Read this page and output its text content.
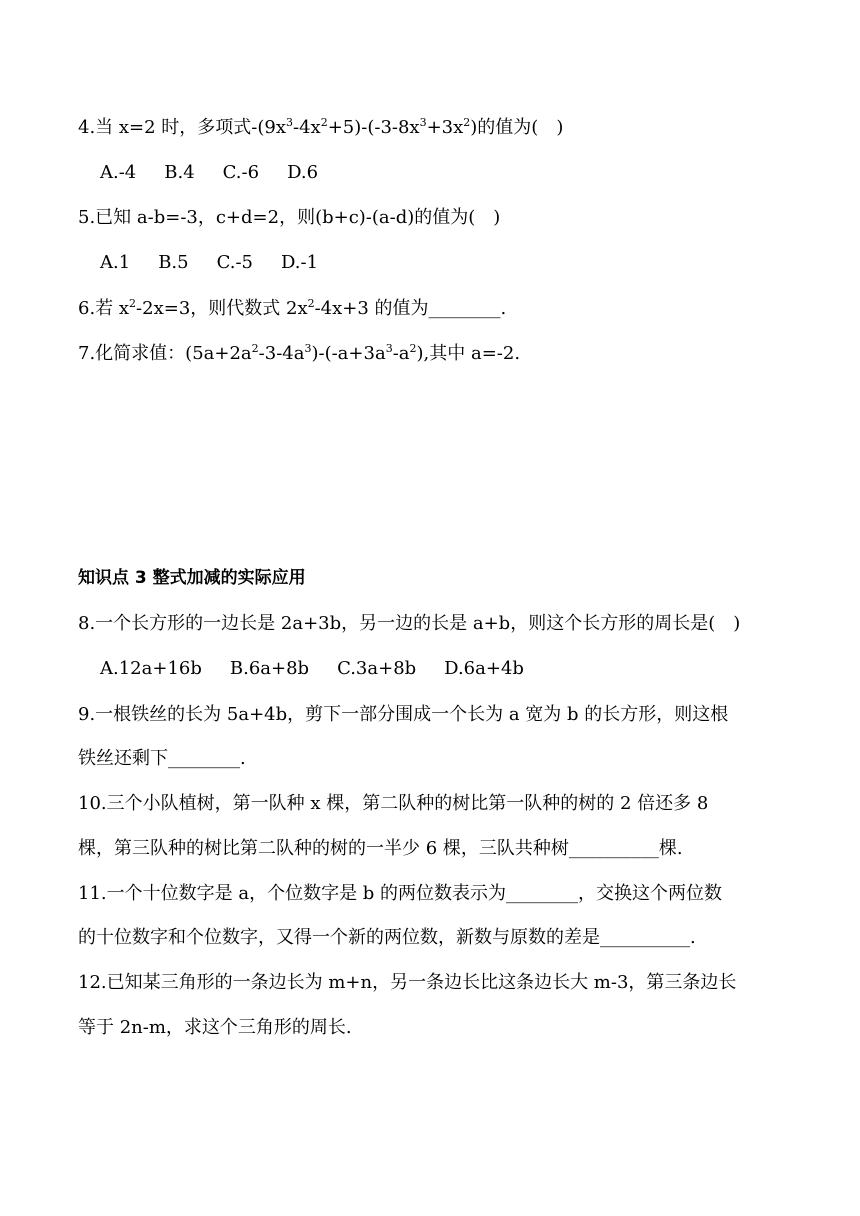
4.当 x=2 时，多项式$-(9x^3-4x^2+5)-(-3-8x^3+3x^2)$的值为(　)
A.-4 B.4 C.-6 D.6
5.已知 a-b=-3，c+d=2，则(b+c)-(a-d)的值为(　)
A.1 B.5 C.-5 D.-1
6.若 $x^2-2x=3$，则代数式 $2x^2-4x+3$ 的值为________.
7.化简求值：$(5a+2a^2-3-4a^3)-(-a+3a^3-a^2)$,其中 a=-2.
知识点 3 整式加减的实际应用
8.一个长方形的一边长是 2a+3b，另一边的长是 a+b，则这个长方形的周长是(　)
A.12a+16b B.6a+8b C.3a+8b D.6a+4b
9.一根铁丝的长为 5a+4b，剪下一部分围成一个长为 a 宽为 b 的长方形，则这根
铁丝还剩下________.
10.三个小队植树，第一队种 x 棵，第二队种的树比第一队种的树的 2 倍还多 8
棵，第三队种的树比第二队种的树的一半少 6 棵，三队共种树__________棵.
11.一个十位数字是 a，个位数字是 b 的两位数表示为________，交换这个两位数
的十位数字和个位数字，又得一个新的两位数，新数与原数的差是__________.
12.已知某三角形的一条边长为 m+n，另一条边长比这条边长大 m-3，第三条边长
等于 2n-m，求这个三角形的周长.
